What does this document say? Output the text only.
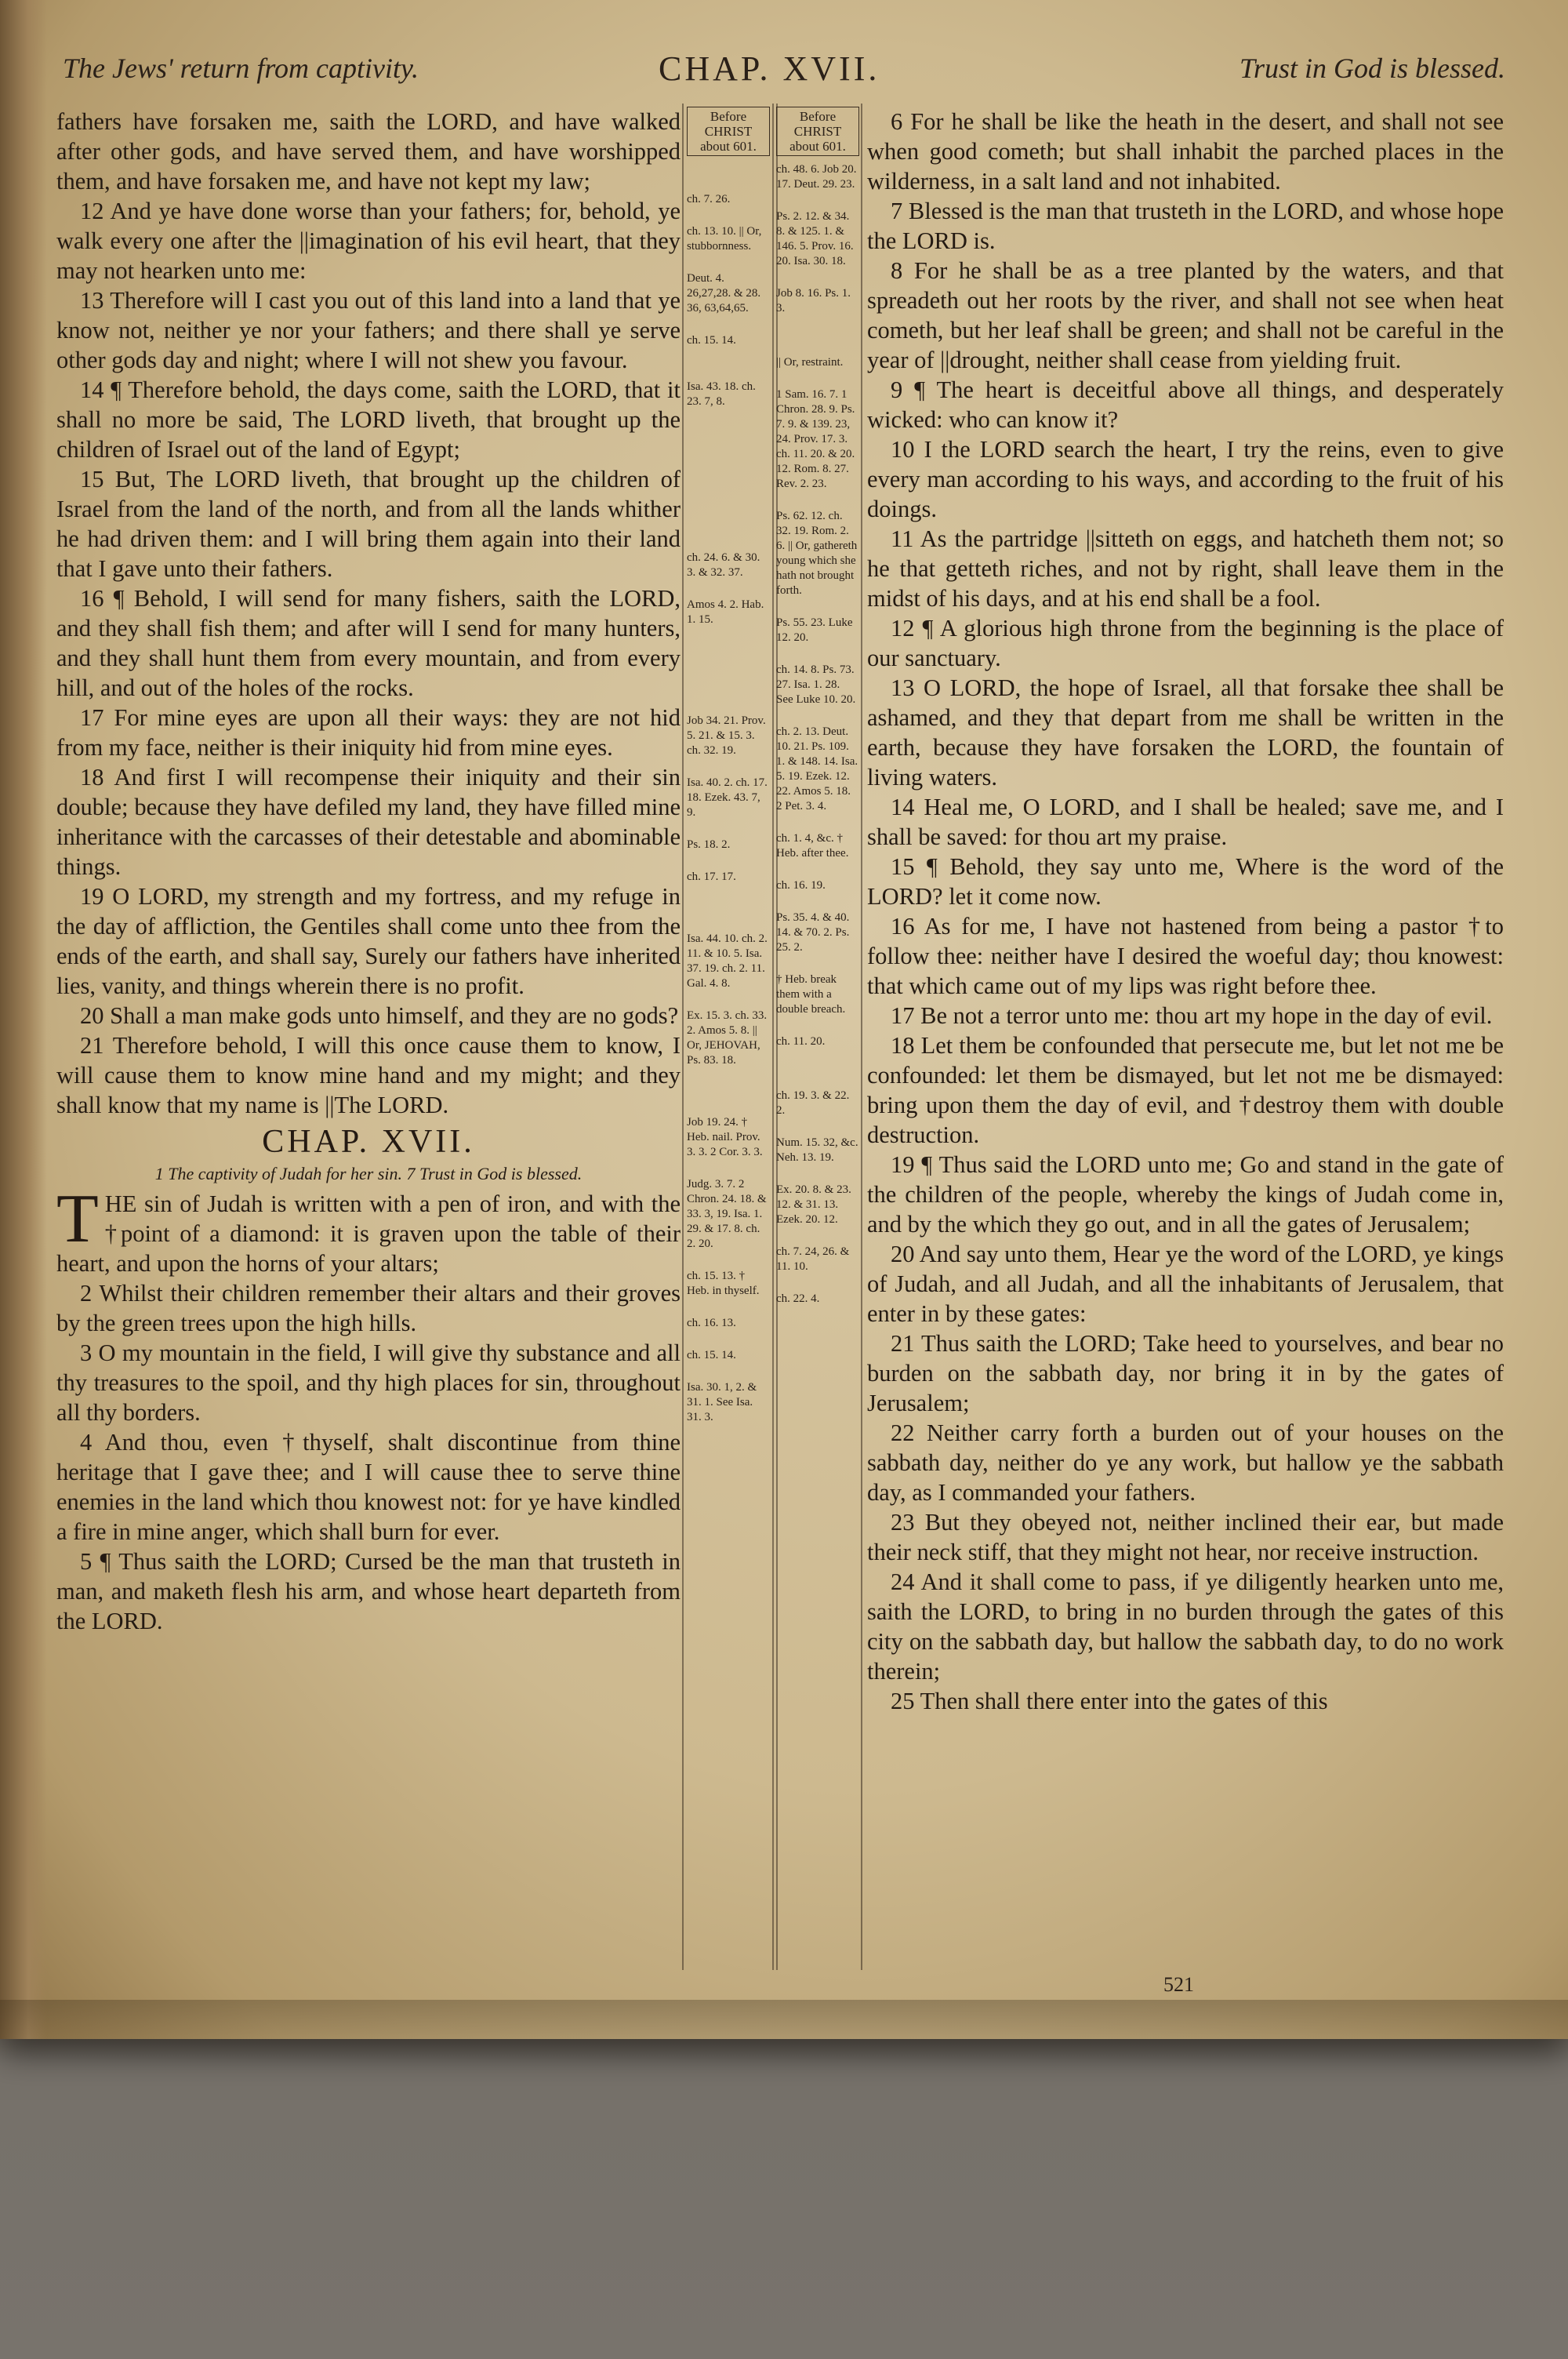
The Jews' return from captivity.	CHAP. XVII.	Trust in God is blessed.

fathers have forsaken me, saith the LORD, and have walked after other gods, and have served them, and have worshipped them, and have forsaken me, and have not kept my law;

12 And ye have done worse than your fathers; for, behold, ye walk every one after the ||imagination of his evil heart, that they may not hearken unto me:

13 Therefore will I cast you out of this land into a land that ye know not, neither ye nor your fathers; and there shall ye serve other gods day and night; where I will not shew you favour.

14 ¶ Therefore behold, the days come, saith the LORD, that it shall no more be said, The LORD liveth, that brought up the children of Israel out of the land of Egypt;

15 But, The LORD liveth, that brought up the children of Israel from the land of the north, and from all the lands whither he had driven them: and I will bring them again into their land that I gave unto their fathers.

16 ¶ Behold, I will send for many fishers, saith the LORD, and they shall fish them; and after will I send for many hunters, and they shall hunt them from every mountain, and from every hill, and out of the holes of the rocks.

17 For mine eyes are upon all their ways: they are not hid from my face, neither is their iniquity hid from mine eyes.

18 And first I will recompense their iniquity and their sin double; because they have defiled my land, they have filled mine inheritance with the carcasses of their detestable and abominable things.

19 O LORD, my strength and my fortress, and my refuge in the day of affliction, the Gentiles shall come unto thee from the ends of the earth, and shall say, Surely our fathers have inherited lies, vanity, and things wherein there is no profit.

20 Shall a man make gods unto himself, and they are no gods?

21 Therefore behold, I will this once cause them to know, I will cause them to know mine hand and my might; and they shall know that my name is ||The LORD.

CHAP. XVII.
1 The captivity of Judah for her sin. 7 Trust in God is blessed.

THE sin of Judah is written with a pen of iron, and with the †point of a diamond: it is graven upon the table of their heart, and upon the horns of your altars;

2 Whilst their children remember their altars and their groves by the green trees upon the high hills.

3 O my mountain in the field, I will give thy substance and all thy treasures to the spoil, and thy high places for sin, throughout all thy borders.

4 And thou, even †thyself, shalt discontinue from thine heritage that I gave thee; and I will cause thee to serve thine enemies in the land which thou knowest not: for ye have kindled a fire in mine anger, which shall burn for ever.

5 ¶ Thus saith the LORD; Cursed be the man that trusteth in man, and maketh flesh his arm, and whose heart departeth from the LORD.

Before
CHRIST
about 601.
ch. 7. 26.
ch. 13. 10. || Or, stubbornness.
Deut. 4. 26,27,28. & 28. 36, 63,64,65.
ch. 15. 14.
Isa. 43. 18. ch. 23. 7, 8.
ch. 24. 6. & 30. 3. & 32. 37.
Amos 4. 2. Hab. 1. 15.
Job 34. 21. Prov. 5. 21. & 15. 3. ch. 32. 19.
Isa. 40. 2. ch. 17. 18. Ezek. 43. 7, 9.
Ps. 18. 2.
ch. 17. 17.
Isa. 44. 10. ch. 2. 11. & 10. 5. Isa. 37. 19. ch. 2. 11. Gal. 4. 8.
Ex. 15. 3. ch. 33. 2. Amos 5. 8. || Or, JEHOVAH, Ps. 83. 18.
Job 19. 24. † Heb. nail. Prov. 3. 3. 2 Cor. 3. 3.
Judg. 3. 7. 2 Chron. 24. 18. & 33. 3, 19. Isa. 1. 29. & 17. 8. ch. 2. 20.
ch. 15. 13. † Heb. in thyself.
ch. 16. 13.
ch. 15. 14.
Isa. 30. 1, 2. & 31. 1. See Isa. 31. 3.
Before
CHRIST
about 601.
ch. 48. 6. Job 20. 17. Deut. 29. 23.
Ps. 2. 12. & 34. 8. & 125. 1. & 146. 5. Prov. 16. 20. Isa. 30. 18.
Job 8. 16. Ps. 1. 3.
|| Or, restraint.
1 Sam. 16. 7. 1 Chron. 28. 9. Ps. 7. 9. & 139. 23, 24. Prov. 17. 3. ch. 11. 20. & 20. 12. Rom. 8. 27. Rev. 2. 23.
Ps. 62. 12. ch. 32. 19. Rom. 2. 6. || Or, gathereth young which she hath not brought forth.
Ps. 55. 23. Luke 12. 20.
ch. 14. 8. Ps. 73. 27. Isa. 1. 28. See Luke 10. 20.
ch. 2. 13. Deut. 10. 21. Ps. 109. 1. & 148. 14. Isa. 5. 19. Ezek. 12. 22. Amos 5. 18. 2 Pet. 3. 4.
ch. 1. 4, &c. † Heb. after thee.
ch. 16. 19.
Ps. 35. 4. & 40. 14. & 70. 2. Ps. 25. 2.
† Heb. break them with a double breach.
ch. 11. 20.
ch. 19. 3. & 22. 2.
Num. 15. 32, &c. Neh. 13. 19.
Ex. 20. 8. & 23. 12. & 31. 13. Ezek. 20. 12.
ch. 7. 24, 26. & 11. 10.
ch. 22. 4.

6 For he shall be like the heath in the desert, and shall not see when good cometh; but shall inhabit the parched places in the wilderness, in a salt land and not inhabited.

7 Blessed is the man that trusteth in the LORD, and whose hope the LORD is.

8 For he shall be as a tree planted by the waters, and that spreadeth out her roots by the river, and shall not see when heat cometh, but her leaf shall be green; and shall not be careful in the year of ||drought, neither shall cease from yielding fruit.

9 ¶ The heart is deceitful above all things, and desperately wicked: who can know it?

10 I the LORD search the heart, I try the reins, even to give every man according to his ways, and according to the fruit of his doings.

11 As the partridge ||sitteth on eggs, and hatcheth them not; so he that getteth riches, and not by right, shall leave them in the midst of his days, and at his end shall be a fool.

12 ¶ A glorious high throne from the beginning is the place of our sanctuary.

13 O LORD, the hope of Israel, all that forsake thee shall be ashamed, and they that depart from me shall be written in the earth, because they have forsaken the LORD, the fountain of living waters.

14 Heal me, O LORD, and I shall be healed; save me, and I shall be saved: for thou art my praise.

15 ¶ Behold, they say unto me, Where is the word of the LORD? let it come now.

16 As for me, I have not hastened from being a pastor †to follow thee: neither have I desired the woeful day; thou knowest: that which came out of my lips was right before thee.

17 Be not a terror unto me: thou art my hope in the day of evil.

18 Let them be confounded that persecute me, but let not me be confounded: let them be dismayed, but let not me be dismayed: bring upon them the day of evil, and †destroy them with double destruction.

19 ¶ Thus said the LORD unto me; Go and stand in the gate of the children of the people, whereby the kings of Judah come in, and by the which they go out, and in all the gates of Jerusalem;

20 And say unto them, Hear ye the word of the LORD, ye kings of Judah, and all Judah, and all the inhabitants of Jerusalem, that enter in by these gates:

21 Thus saith the LORD; Take heed to yourselves, and bear no burden on the sabbath day, nor bring it in by the gates of Jerusalem;

22 Neither carry forth a burden out of your houses on the sabbath day, neither do ye any work, but hallow ye the sabbath day, as I commanded your fathers.

23 But they obeyed not, neither inclined their ear, but made their neck stiff, that they might not hear, nor receive instruction.

24 And it shall come to pass, if ye diligently hearken unto me, saith the LORD, to bring in no burden through the gates of this city on the sabbath day, but hallow the sabbath day, to do no work therein;

25 Then shall there enter into the gates of this

521
